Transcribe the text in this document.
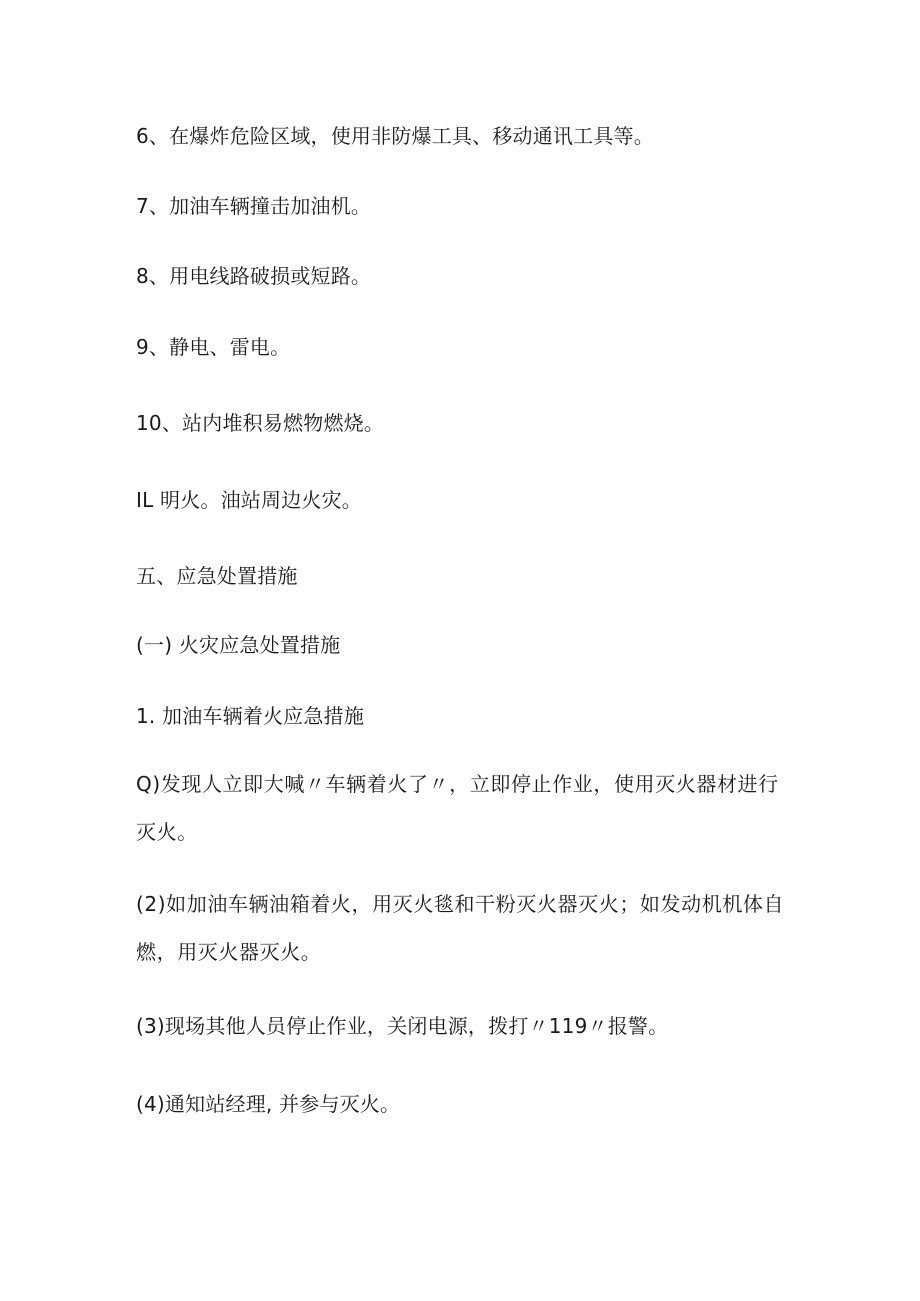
6、在爆炸危险区域，使用非防爆工具、移动通讯工具等。
7、加油车辆撞击加油机。
8、用电线路破损或短路。
9、静电、雷电。
10、站内堆积易燃物燃烧。
IL 明火。油站周边火灾。
五、应急处置措施
(一) 火灾应急处置措施
1. 加油车辆着火应急措施
Q)发现人立即大喊〃车辆着火了〃，立即停止作业，使用灭火器材进行灭火。
(2)如加油车辆油箱着火，用灭火毯和干粉灭火器灭火；如发动机机体自燃，用灭火器灭火。
(3)现场其他人员停止作业，关闭电源，拨打〃119〃报警。
(4)通知站经理, 并参与灭火。
